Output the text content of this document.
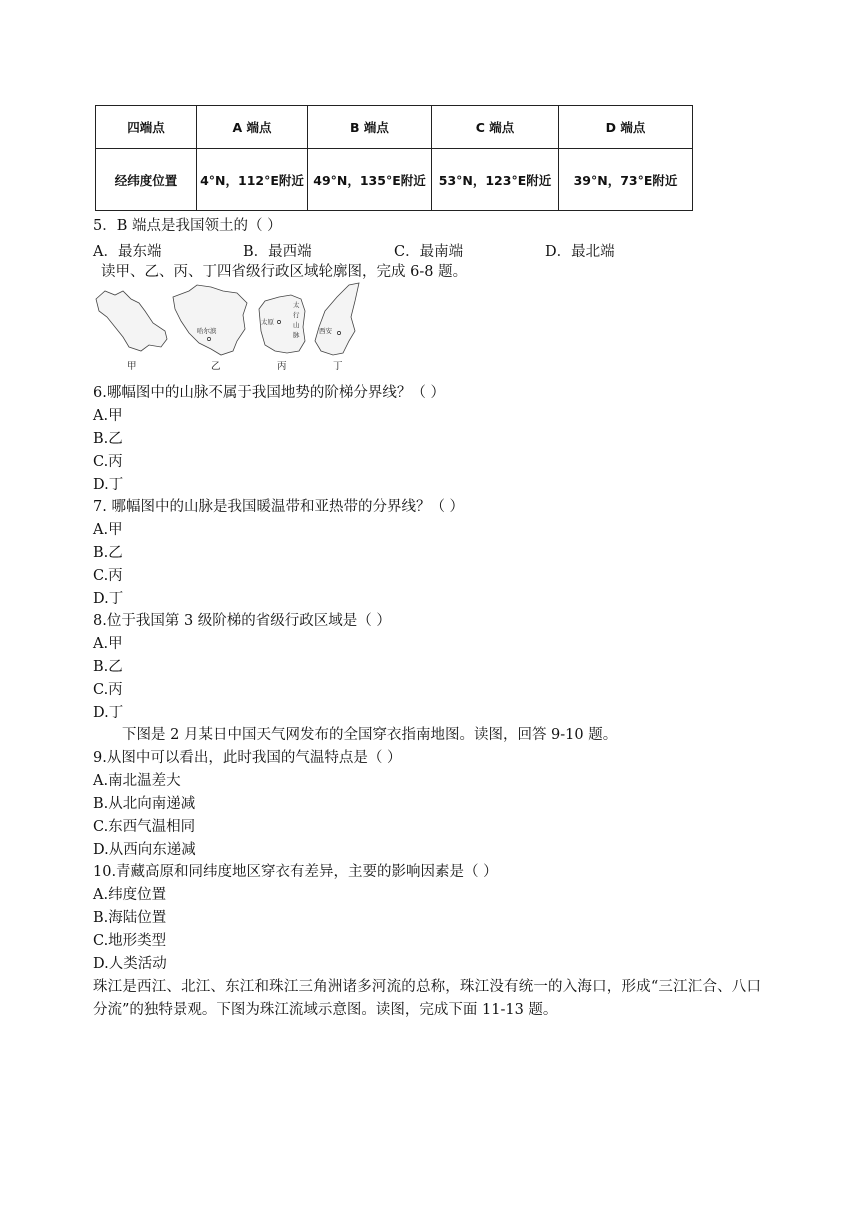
四端点	A 端点	B 端点	C 端点	D 端点
经纬度位置	4°N，112°E附近	49°N，135°E附近	53°N，123°E附近	39°N，73°E附近
5．B 端点是我国领土的（ ）
A．最东端	B．最西端	C．最南端	D．最北端
读甲、乙、丙、丁四省级行政区域轮廓图，完成 6-8 题。
哈尔滨
太原
太
行
山
脉	西安
甲	乙	丙	丁
6.哪幅图中的山脉不属于我国地势的阶梯分界线？（ ）
A.甲
B.乙
C.丙
D.丁
7. 哪幅图中的山脉是我国暖温带和亚热带的分界线？（ ）
A.甲
B.乙
C.丙
D.丁
8.位于我国第 3 级阶梯的省级行政区域是（ ）
A.甲
B.乙
C.丙
D.丁
下图是 2 月某日中国天气网发布的全国穿衣指南地图。读图，回答 9-10 题。
9.从图中可以看出，此时我国的气温特点是（ ）
A.南北温差大
B.从北向南递减
C.东西气温相同
D.从西向东递减
10.青藏高原和同纬度地区穿衣有差异，主要的影响因素是（ ）
A.纬度位置
B.海陆位置
C.地形类型
D.人类活动
珠江是西江、北江、东江和珠江三角洲诸多河流的总称，珠江没有统一的入海口，形成“三江汇合、八口分流”的独特景观。下图为珠江流域示意图。读图，完成下面 11-13 题。
